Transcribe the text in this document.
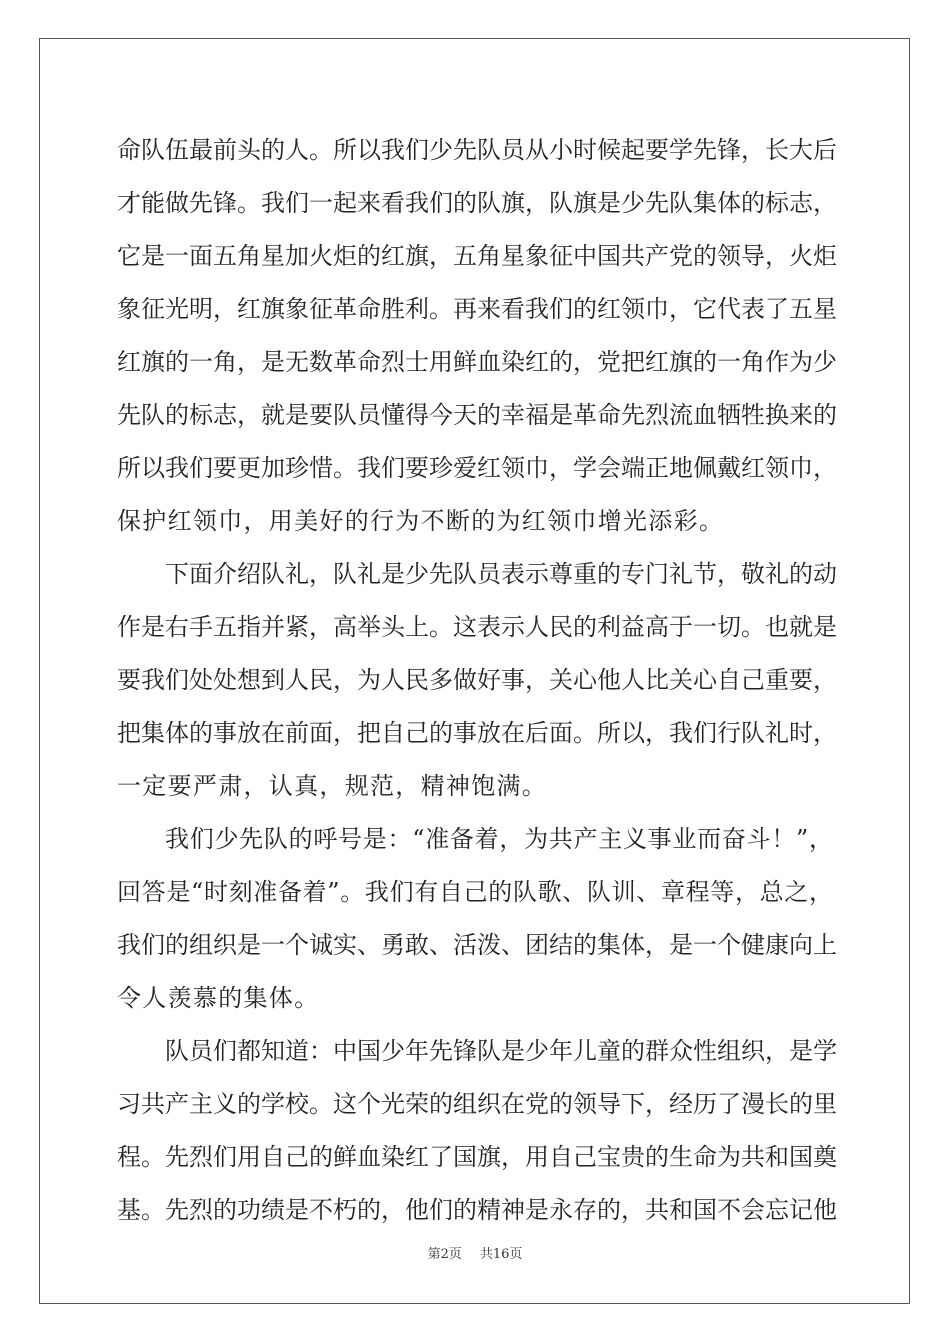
命队伍最前头的人。所以我们少先队员从小时候起要学先锋，长大后
才能做先锋。我们一起来看我们的队旗，队旗是少先队集体的标志，
它是一面五角星加火炬的红旗，五角星象征中国共产党的领导，火炬
象征光明，红旗象征革命胜利。再来看我们的红领巾，它代表了五星
红旗的一角，是无数革命烈士用鲜血染红的，党把红旗的一角作为少
先队的标志，就是要队员懂得今天的幸福是革命先烈流血牺牲换来的
所以我们要更加珍惜。我们要珍爱红领巾，学会端正地佩戴红领巾，
保护红领巾，用美好的行为不断的为红领巾增光添彩。
下面介绍队礼，队礼是少先队员表示尊重的专门礼节，敬礼的动
作是右手五指并紧，高举头上。这表示人民的利益高于一切。也就是
要我们处处想到人民，为人民多做好事，关心他人比关心自己重要，
把集体的事放在前面，把自己的事放在后面。所以，我们行队礼时，
一定要严肃，认真，规范，精神饱满。
我们少先队的呼号是：“准备着，为共产主义事业而奋斗！”，
回答是“时刻准备着”。我们有自己的队歌、队训、章程等，总之，
我们的组织是一个诚实、勇敢、活泼、团结的集体，是一个健康向上
令人羡慕的集体。
队员们都知道：中国少年先锋队是少年儿童的群众性组织，是学
习共产主义的学校。这个光荣的组织在党的领导下，经历了漫长的里
程。先烈们用自己的鲜血染红了国旗，用自己宝贵的生命为共和国奠
基。先烈的功绩是不朽的，他们的精神是永存的，共和国不会忘记他
第2页 共16页
